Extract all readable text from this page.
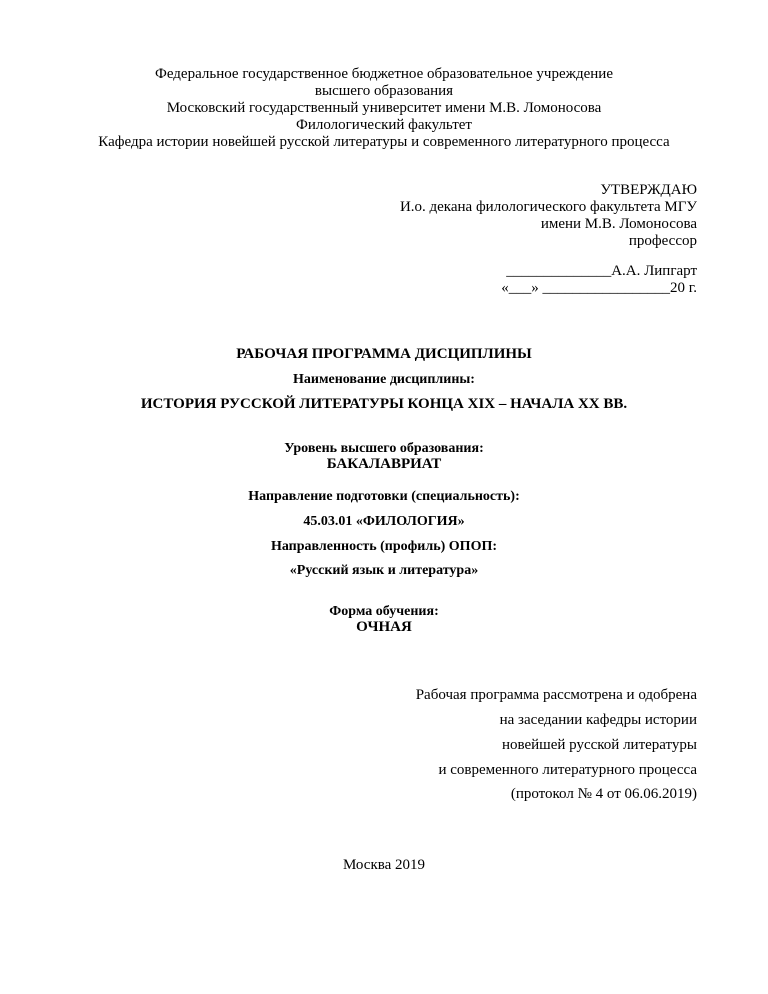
Федеральное государственное бюджетное образовательное учреждение
высшего образования
Московский государственный университет имени М.В. Ломоносова
Филологический факультет
Кафедра истории новейшей русской литературы и современного литературного процесса
УТВЕРЖДАЮ
И.о. декана филологического факультета МГУ
имени М.В. Ломоносова
профессор
______________А.А. Липгарт
«___» _________________20 г.
РАБОЧАЯ ПРОГРАММА ДИСЦИПЛИНЫ
Наименование дисциплины:
ИСТОРИЯ РУССКОЙ ЛИТЕРАТУРЫ КОНЦА XIX – НАЧАЛА XX ВВ.
Уровень высшего образования:
БАКАЛАВРИАТ
Направление подготовки (специальность):
45.03.01 «ФИЛОЛОГИЯ»
Направленность (профиль) ОПОП:
«Русский язык и литература»
Форма обучения:
ОЧНАЯ
Рабочая программа рассмотрена и одобрена
на заседании кафедры истории
новейшей русской литературы
и современного литературного процесса
(протокол № 4 от 06.06.2019)
Москва 2019
